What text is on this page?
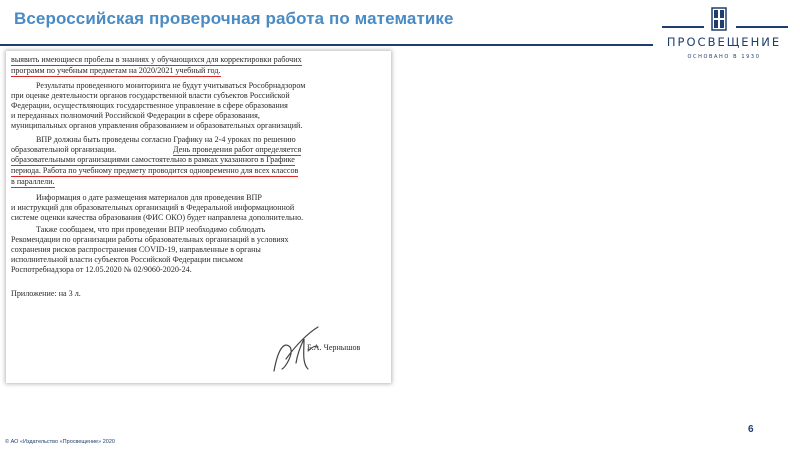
Всероссийская проверочная работа по математике
ПРОСВЕЩЕНИЕ
ОСНОВАНО В 1930
выявить имеющиеся пробелы в знаниях у обучающихся для корректировки рабочих
программ по учебным предметам на 2020/2021 учебный год.
Результаты проведенного мониторинга не будут учитываться Рособрнадзором
при оценке деятельности органов государственной власти субъектов Российской
Федерации, осуществляющих государственное управление в сфере образования
и переданных полномочий Российской Федерации в сфере образования,
муниципальных органов управления образованием и образовательных организаций.
ВПР должны быть проведены согласно Графику на 2-4 уроках по решению
образовательной организации.	День проведения работ определяется
образовательными организациями самостоятельно в рамках указанного в Графике
периода. Работа по учебному предмету проводится одновременно для всех классов
в параллели.
Информация о дате размещения материалов для проведения ВПР
и инструкций для образовательных организаций в Федеральной информационной
системе оценки качества образования (ФИС ОКО) будет направлена дополнительно.
Также сообщаем, что при проведении ВПР необходимо соблюдать
Рекомендации по организации работы образовательных организаций в условиях
сохранения рисков распространения COVID-19, направленные в органы
исполнительной власти субъектов Российской Федерации письмом
Роспотребнадзора от 12.05.2020 № 02/9060-2020-24.
Приложение: на 3 л.
Б.А. Чернышов
6
© АО «Издательство «Просвещение» 2020
